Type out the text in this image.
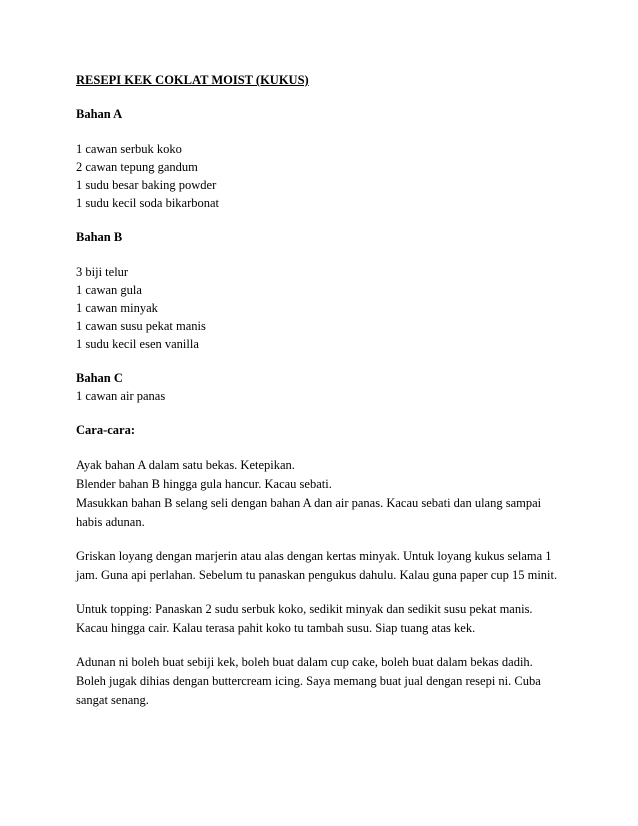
RESEPI KEK COKLAT MOIST (KUKUS)
Bahan A
1 cawan serbuk koko
2 cawan tepung gandum
1 sudu besar baking powder
1 sudu kecil soda bikarbonat
Bahan B
3 biji telur
1 cawan gula
1 cawan minyak
1 cawan susu pekat manis
1 sudu kecil esen vanilla
Bahan C
1 cawan air panas
Cara-cara:
Ayak bahan A dalam satu bekas. Ketepikan.
Blender bahan B hingga gula hancur. Kacau sebati.
Masukkan bahan B selang seli dengan bahan A dan air panas. Kacau sebati dan ulang sampai
habis adunan.
Griskan loyang dengan marjerin atau alas dengan kertas minyak. Untuk loyang kukus selama 1
jam. Guna api perlahan. Sebelum tu panaskan pengukus dahulu. Kalau guna paper cup 15 minit.
Untuk topping: Panaskan 2 sudu serbuk koko, sedikit minyak dan sedikit susu pekat manis.
Kacau hingga cair. Kalau terasa pahit koko tu tambah susu. Siap tuang atas kek.
Adunan ni boleh buat sebiji kek, boleh buat dalam cup cake, boleh buat dalam bekas dadih.
Boleh jugak dihias dengan buttercream icing. Saya memang buat jual dengan resepi ni. Cuba
sangat senang.
